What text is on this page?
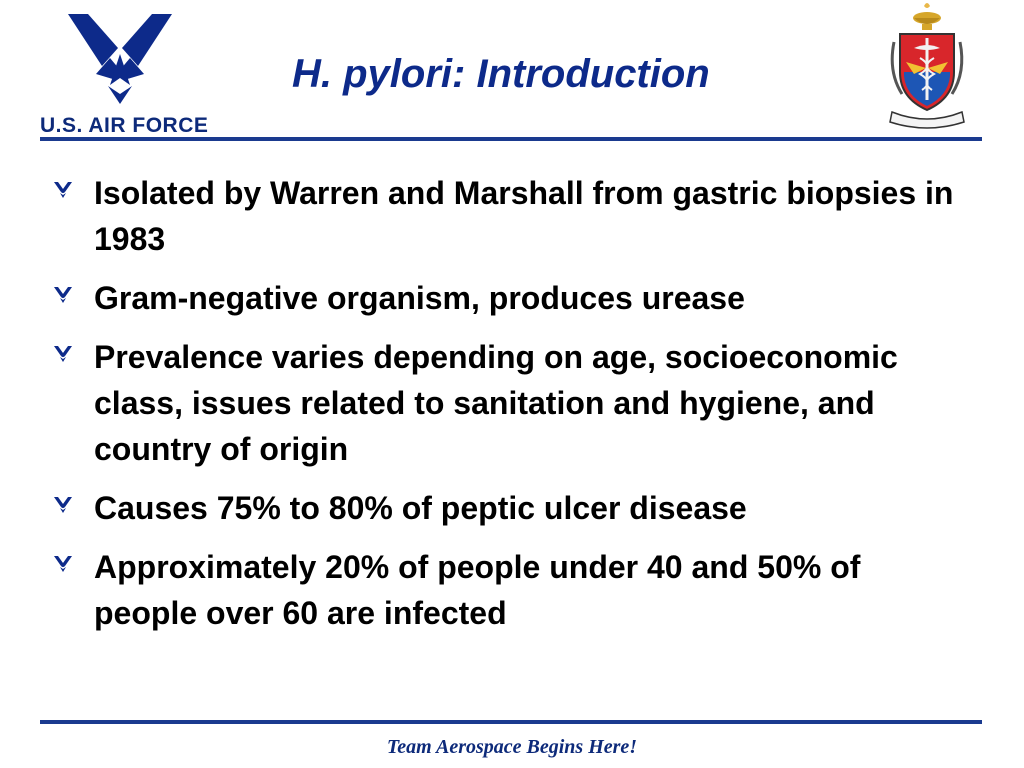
U.S. AIR FORCE
H. pylori: Introduction
Isolated by Warren and Marshall from gastric biopsies in 1983
Gram-negative organism, produces urease
Prevalence varies depending on age, socioeconomic class, issues related to sanitation and hygiene, and country of origin
Causes 75% to 80% of peptic ulcer disease
Approximately 20% of people under 40 and 50% of people over 60 are infected
Team Aerospace Begins Here!
